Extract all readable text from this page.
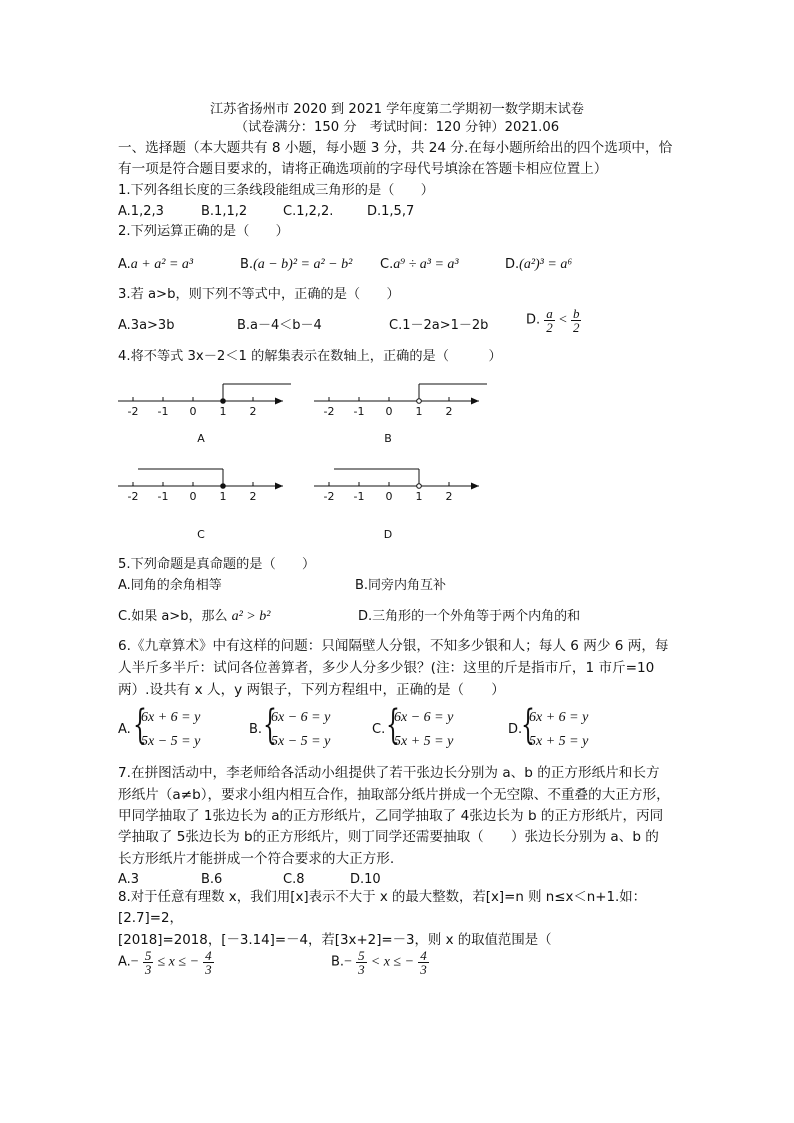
江苏省扬州市 2020 到 2021 学年度第二学期初一数学期末试卷
（试卷满分：150 分　考试时间：120 分钟）2021.06
一、选择题（本大题共有 8 小题，每小题 3 分，共 24 分.在每小题所给出的四个选项中，恰
有一项是符合题目要求的，请将正确选项前的字母代号填涂在答题卡相应位置上）
1.下列各组长度的三条线段能组成三角形的是（　　）
A.1,2,3	B.1,1,2	C.1,2,2.	D.1,5,7
2.下列运算正确的是（　　）
A.a + a² = a³	B.(a − b)² = a² − b² C.a⁹ ÷ a³ = a³	D.(a²)³ = a⁶
3.若 a>b，则下列不等式中，正确的是（　　）
A.3a>3b	B.a－4＜b－4	C.1－2a>1－2b	D. $\frac{a}{2} < \frac{b}{2}$
4.将不等式 3x－2＜1 的解集表示在数轴上，正确的是（　　　）
-2 -1 0 1 2
A
-2 -1 0 1 2
B
-2 -1 0 1 2
C
-2 -1 0 1 2
D
5.下列命题是真命题的是（　　）
A.同角的余角相等	B.同旁内角互补
C.如果 a>b，那么 a² > b²	D.三角形的一个外角等于两个内角的和
6.《九章算术》中有这样的问题：只闻隔壁人分银，不知多少银和人；每人 6 两少 6 两，每
人半斤多半斤：试问各位善算者，多少人分多少银？(注：这里的斤是指市斤，1 市斤=10
两）.设共有 x 人，y 两银子，下列方程组中，正确的是（　　）
A. {
6x + 6 = y
5x − 5 = y
B. {
6x − 6 = y
5x − 5 = y
C. {
6x − 6 = y
5x + 5 = y
D.
{
6x + 6 = y
5x + 5 = y
7.在拼图活动中，李老师给各活动小组提供了若干张边长分别为 a、b 的正方形纸片和长方
形纸片（a≠b），要求小组内相互合作，抽取部分纸片拼成一个无空隙、不重叠的大正方形，
甲同学抽取了 1张边长为 a的正方形纸片，乙同学抽取了 4张边长为 b 的正方形纸片，丙同
学抽取了 5张边长为 b的正方形纸片，则丁同学还需要抽取（　　）张边长分别为 a、b 的
长方形纸片才能拼成一个符合要求的大正方形.
A.3	B.6	C.8	D.10
8.对于任意有理数 x，我们用[x]表示不大于 x 的最大整数，若[x]=n 则 n≤x＜n+1.如：
[2.7]=2，
[2018]=2018，[－3.14]=－4，若[3x+2]=－3，则 x 的取值范围是（
$A.- \frac{5}{3} \le x$ ≤ − $\frac{4}{3}$	$B.- \frac{5}{3} < x$ ≤ − $\frac{4}{3}$
